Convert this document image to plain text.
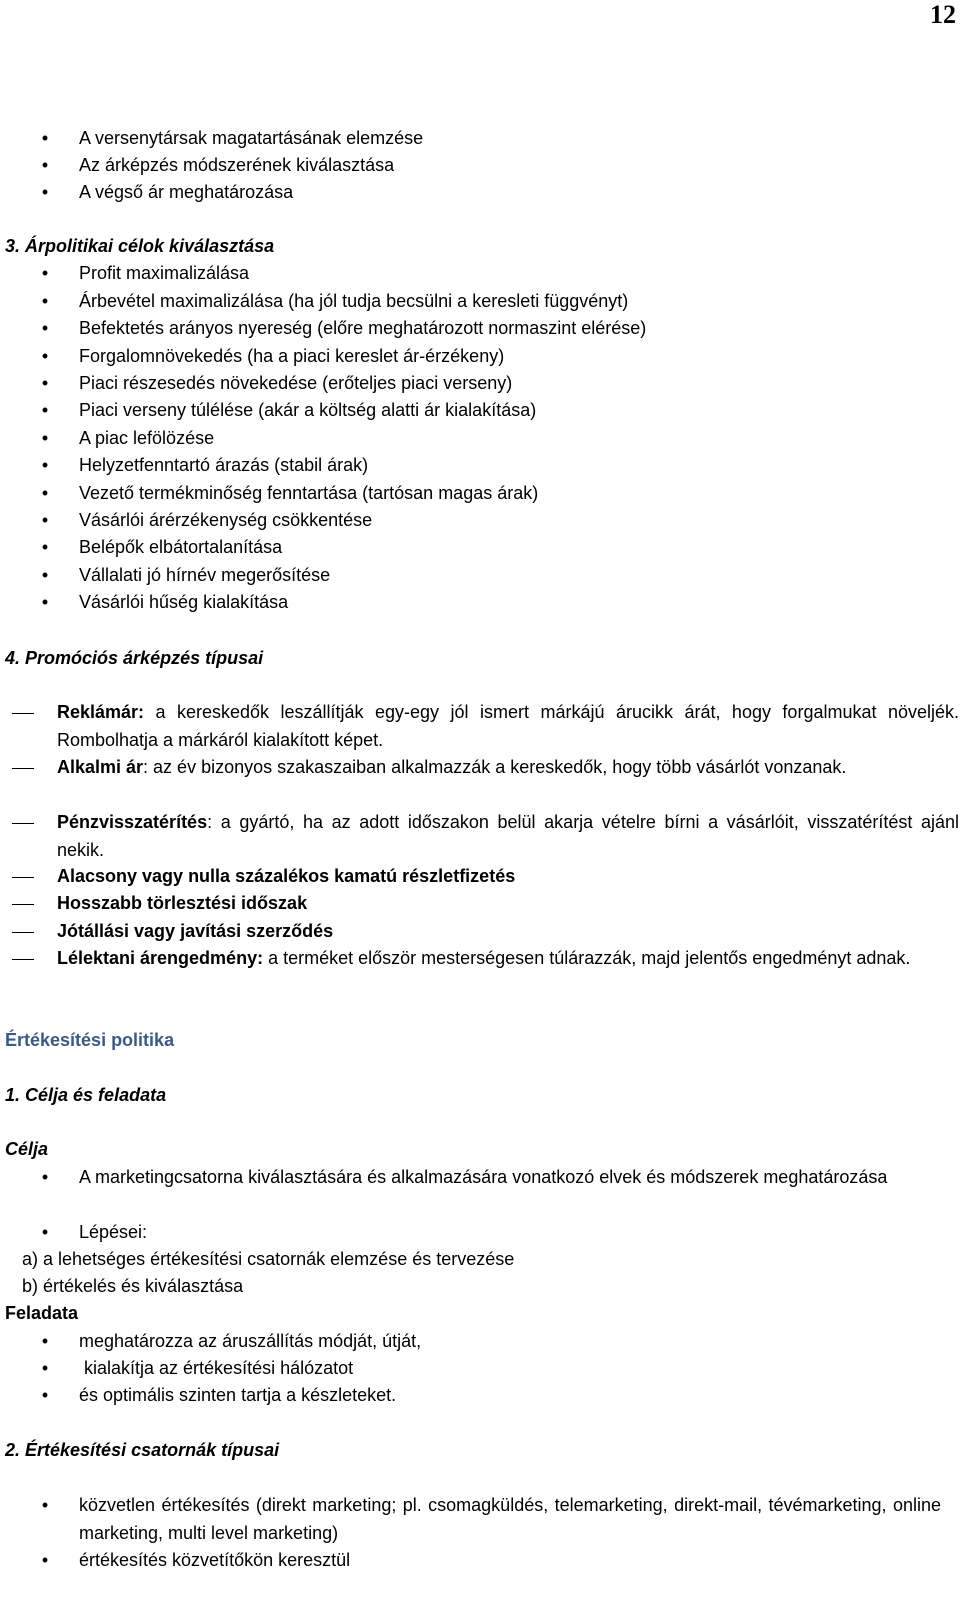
12
• A versenytársak magatartásának elemzése
• Az árképzés módszerének kiválasztása
• A végső ár meghatározása
3. Árpolitikai célok kiválasztása
• Profit maximalizálása
• Árbevétel maximalizálása (ha jól tudja becsülni a keresleti függvényt)
• Befektetés arányos nyereség (előre meghatározott normaszint elérése)
• Forgalomnövekedés (ha a piaci kereslet ár-érzékeny)
• Piaci részesedés növekedése (erőteljes piaci verseny)
• Piaci verseny túlélése (akár a költség alatti ár kialakítása)
• A piac lefölözése
• Helyzetfenntartó árazás (stabil árak)
• Vezető termékminőség fenntartása (tartósan magas árak)
• Vásárlói árérzékenység csökkentése
• Belépők elbátortalanítása
• Vállalati jó hírnév megerősítése
• Vásárlói hűség kialakítása
4. Promóciós árképzés típusai
Reklámár: a kereskedők leszállítják egy-egy jól ismert márkájú árucikk árát, hogy forgalmukat növeljék. Rombolhatja a márkáról kialakított képet.
Alkalmi ár: az év bizonyos szakaszaiban alkalmazzák a kereskedők, hogy több vásárlót vonzanak.
Pénzvisszatérítés: a gyártó, ha az adott időszakon belül akarja vételre bírni a vásárlóit, visszatérítést ajánl nekik.
Alacsony vagy nulla százalékos kamatú részletfizetés
Hosszabb törlesztési időszak
Jótállási vagy javítási szerződés
Lélektani árengedmény: a terméket először mesterségesen túlárazzák, majd jelentős engedményt adnak.
Értékesítési politika
1. Célja és feladata
Célja
• A marketingcsatorna kiválasztására és alkalmazására vonatkozó elvek és módszerek meghatározása
• Lépései:
a) a lehetséges értékesítési csatornák elemzése és tervezése
b) értékelés és kiválasztása
Feladata
• meghatározza az áruszállítás módját, útját,
• kialakítja az értékesítési hálózatot
• és optimális szinten tartja a készleteket.
2. Értékesítési csatornák típusai
• közvetlen értékesítés (direkt marketing; pl. csomagküldés, telemarketing, direkt-mail, tévémarketing, online marketing, multi level marketing)
• értékesítés közvetítőkön keresztül
